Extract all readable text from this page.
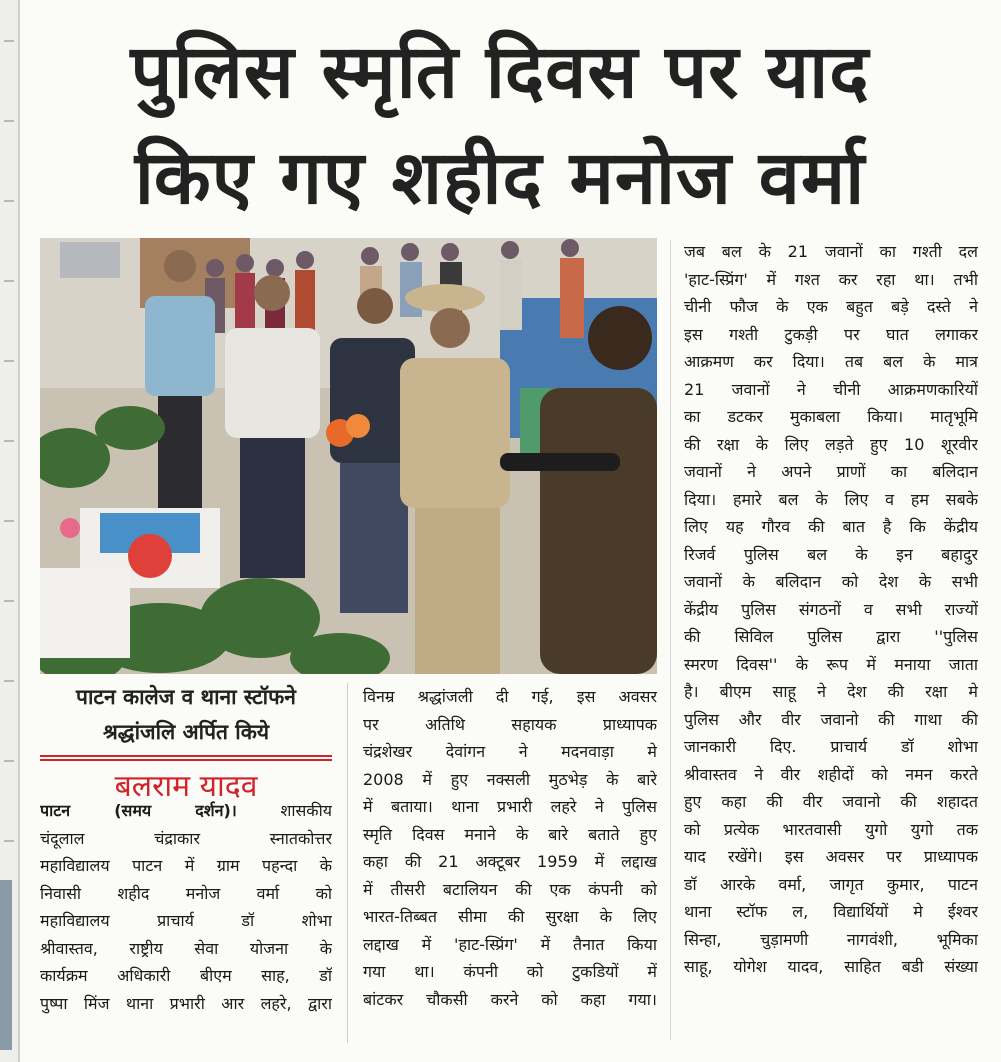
पुलिस स्मृति दिवस पर याद
किए गए शहीद मनोज वर्मा
पाटन कालेज व थाना स्टॉफने
श्रद्धांजलि अर्पित किये
बलराम यादव
पाटन (समय दर्शन)।	शासकीय
चंदूलाल चंद्राकार स्नातकोत्तर
महाविद्यालय पाटन में ग्राम पहन्दा के
निवासी शहीद मनोज वर्मा को
महाविद्यालय प्राचार्य डॉ शोभा
श्रीवास्तव, राष्ट्रीय सेवा योजना के
कार्यक्रम अधिकारी बीएम साह, डॉ
पुष्पा मिंज थाना प्रभारी आर लहरे, द्वारा
विनम्र श्रद्धांजली दी गई, इस अवसर
पर अतिथि सहायक प्राध्यापक
चंद्रशेखर देवांगन ने मदनवाड़ा मे
2008 में हुए नक्सली मुठभेड़ के बारे
में बताया। थाना प्रभारी लहरे ने पुलिस
स्मृति दिवस मनाने के बारे बताते हुए
कहा की 21 अक्टूबर 1959 में लद्दाख
में तीसरी बटालियन की एक कंपनी को
भारत-तिब्बत सीमा की सुरक्षा के लिए
लद्दाख में 'हाट-स्प्रिंग' में तैनात किया
गया था। कंपनी को टुकडियों में
बांटकर चौकसी करने को कहा गया।
जब बल के 21 जवानों का गश्ती दल
'हाट-स्प्रिंग' में गश्त कर रहा था। तभी
चीनी फौज के एक बहुत बड़े दस्ते ने
इस गश्ती टुकड़ी पर घात लगाकर
आक्रमण कर दिया। तब बल के मात्र
21 जवानों ने चीनी आक्रमणकारियों
का डटकर मुकाबला किया। मातृभूमि
की रक्षा के लिए लड़ते हुए 10 शूरवीर
जवानों ने अपने प्राणों का बलिदान
दिया। हमारे बल के लिए व हम सबके
लिए यह गौरव की बात है कि केंद्रीय
रिजर्व पुलिस बल के इन बहादुर
जवानों के बलिदान को देश के सभी
केंद्रीय पुलिस संगठनों व सभी राज्यों
की सिविल पुलिस द्वारा ''पुलिस
स्मरण दिवस'' के रूप में मनाया जाता
है। बीएम साहू ने देश की रक्षा मे
पुलिस और वीर जवानो की गाथा की
जानकारी दिए. प्राचार्य डॉ शोभा
श्रीवास्तव ने वीर शहीदों को नमन करते
हुए कहा की वीर जवानो की शहादत
को प्रत्येक भारतवासी युगो युगो तक
याद रखेंगे। इस अवसर पर प्राध्यापक
डॉ आरके वर्मा, जागृत कुमार, पाटन
थाना स्टॉफ ल, विद्यार्थियों मे ईश्वर
सिन्हा, चुड़ामणी नागवंशी, भूमिका
साहू, योगेश यादव, साहित बडी संख्या
